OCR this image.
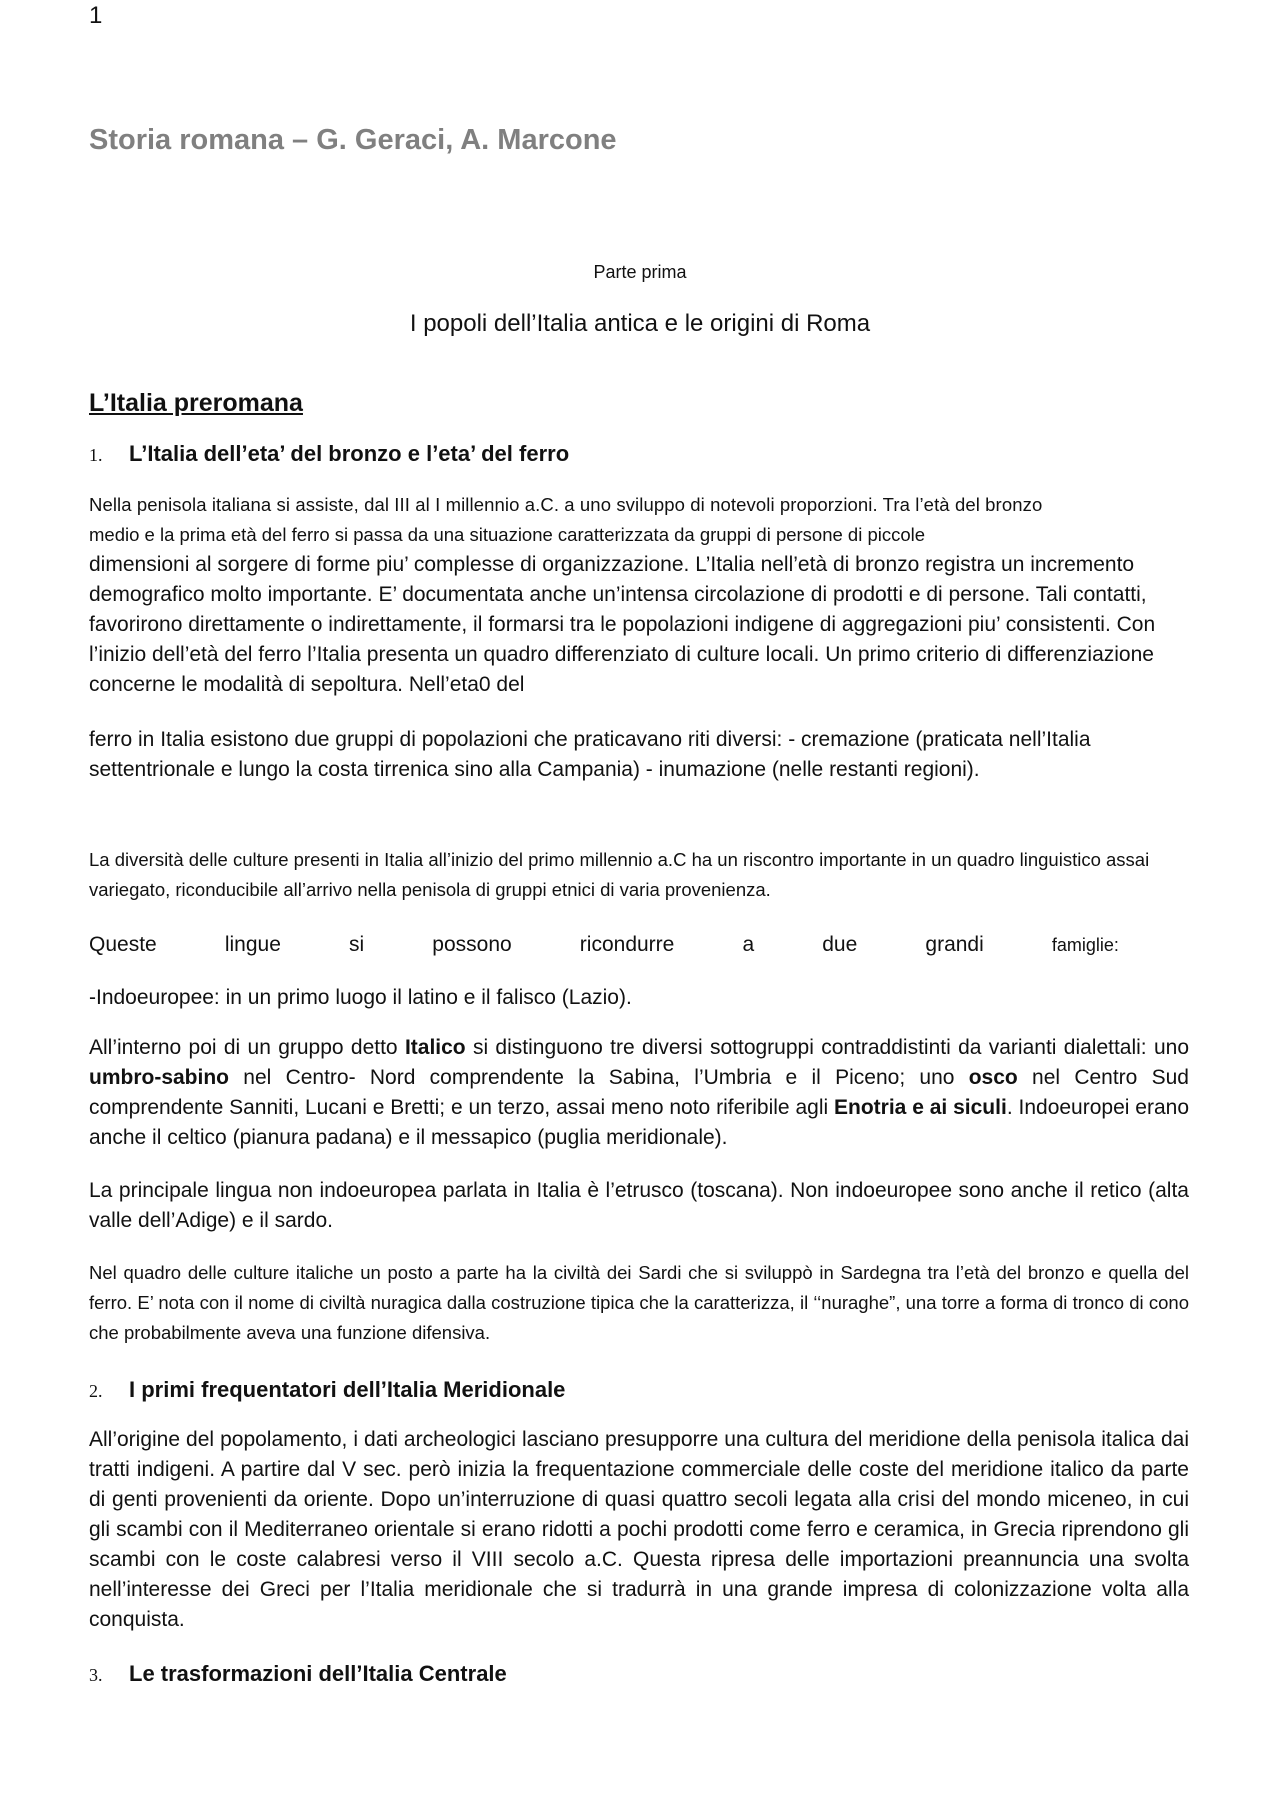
1
Storia romana – G. Geraci, A. Marcone
Parte prima
I popoli dell’Italia antica e le origini di Roma
L’Italia preromana
1. L’Italia dell’eta’ del bronzo e l’eta’ del ferro
Nella penisola italiana si assiste, dal III al I millennio a.C. a uno sviluppo di notevoli proporzioni. Tra l’età del bronzo
medio e la prima età del ferro si passa da una situazione caratterizzata da gruppi di persone di piccole
dimensioni al sorgere di forme piu’ complesse di organizzazione. L’Italia nell’età di bronzo registra un incremento demografico molto importante. E’ documentata anche un’intensa circolazione di prodotti e di persone. Tali contatti, favorirono direttamente o indirettamente, il formarsi tra le popolazioni indigene di aggregazioni piu’ consistenti. Con l’inizio dell’età del ferro l’Italia presenta un quadro differenziato di culture locali. Un primo criterio di differenziazione concerne le modalità di sepoltura. Nell’eta0 del

ferro in Italia esistono due gruppi di popolazioni che praticavano riti diversi: - cremazione (praticata nell’Italia settentrionale e lungo la costa tirrenica sino alla Campania) - inumazione (nelle restanti regioni).

La diversità delle culture presenti in Italia all’inizio del primo millennio a.C ha un riscontro importante in un quadro linguistico assai variegato, riconducibile all’arrivo nella penisola di gruppi etnici di varia provenienza.

Queste	lingue	si	possono	ricondurre	a	due	grandi	famiglie:

-Indoeuropee: in un primo luogo il latino e il falisco (Lazio).

All’interno poi di un gruppo detto Italico si distinguono tre diversi sottogruppi contraddistinti da varianti dialettali: uno umbro-sabino nel Centro- Nord comprendente la Sabina, l’Umbria e il Piceno; uno osco nel Centro Sud comprendente Sanniti, Lucani e Bretti; e un terzo, assai meno noto riferibile agli Enotria e ai siculi. Indoeuropei erano anche il celtico (pianura padana) e il messapico (puglia meridionale).

La principale lingua non indoeuropea parlata in Italia è l’etrusco (toscana). Non indoeuropee sono anche il retico (alta valle dell’Adige) e il sardo.

Nel quadro delle culture italiche un posto a parte ha la civiltà dei Sardi che si sviluppò in Sardegna tra l’età del bronzo e quella del ferro. E’ nota con il nome di civiltà nuragica dalla costruzione tipica che la caratterizza, il ‘‘nuraghe”, una torre a forma di tronco di cono che probabilmente aveva una funzione difensiva.

2. I primi frequentatori dell’Italia Meridionale

All’origine del popolamento, i dati archeologici lasciano presupporre una cultura del meridione della penisola italica dai tratti indigeni. A partire dal V sec. però inizia la frequentazione commerciale delle coste del meridione italico da parte di genti provenienti da oriente. Dopo un’interruzione di quasi quattro secoli legata alla crisi del mondo miceneo, in cui gli scambi con il Mediterraneo orientale si erano ridotti a pochi prodotti come ferro e ceramica, in Grecia riprendono gli scambi con le coste calabresi verso il VIII secolo a.C. Questa ripresa delle importazioni preannuncia una svolta nell’interesse dei Greci per l’Italia meridionale che si tradurrà in una grande impresa di colonizzazione volta alla conquista.

3. Le trasformazioni dell’Italia Centrale
